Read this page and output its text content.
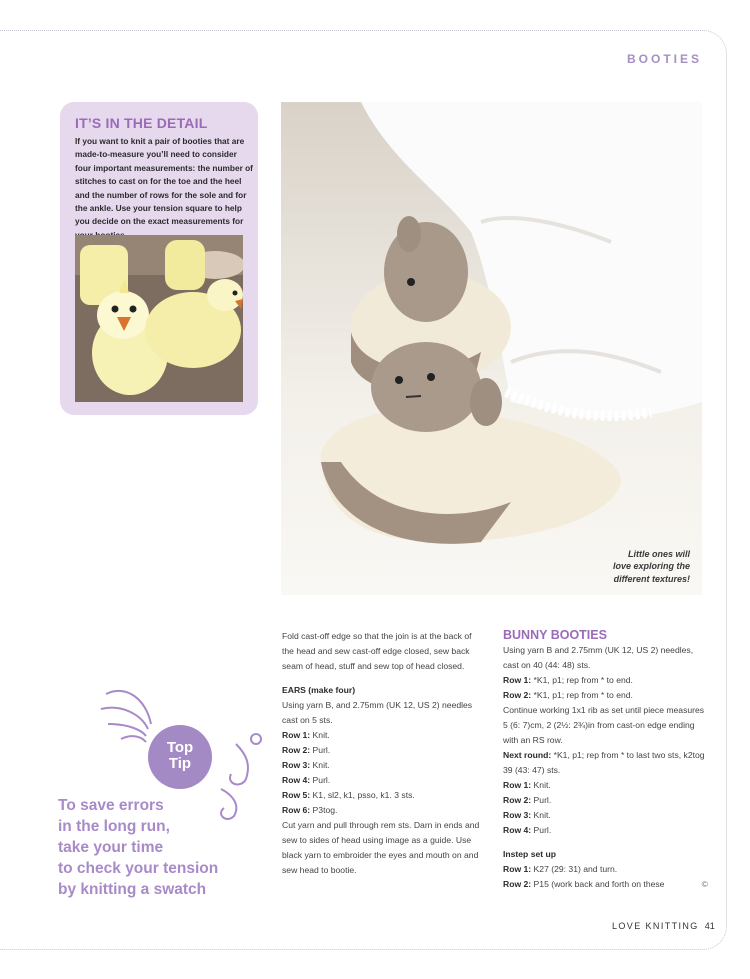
BOOTIES
IT’S IN THE DETAIL
If you want to knit a pair of booties that are made-to-measure you’ll need to consider four important measurements: the number of stitches to cast on for the toe and the heel and the number of rows for the sole and for the ankle. Use your tension square to help you decide on the exact measurements for
Little ones will
love exploring the
different textures!
Top
Tip
To save errors
in the long run,
take your time
to check your tension
by knitting a swatch
Fold cast-off edge so that the join is at the back of the head and sew cast-off edge closed, sew back seam of head, stuff and sew top of head closed.
EARS (make four)
Using yarn B, and 2.75mm (UK 12, US 2) needles cast on 5 sts.
Row 1: Knit.
Row 2: Purl.
Row 3: Knit.
Row 4: Purl.
Row 5: K1, sl2, k1, psso, k1. 3 sts.
Row 6: P3tog.
Cut yarn and pull through rem sts. Darn in ends and sew to sides of head using image as a guide. Use black yarn to embroider the eyes and mouth on and sew head to bootie.
BUNNY BOOTIES
Using yarn B and 2.75mm (UK 12, US 2) needles, cast on 40 (44: 48) sts.
Row 1: *K1, p1; rep from * to end.
Row 2: *K1, p1; rep from * to end.
Continue working 1x1 rib as set until piece measures 5 (6: 7)cm, 2 (2½: 2¾)in from cast-on edge ending with an RS row.
Next round: *K1, p1; rep from * to last two sts, k2tog 39 (43: 47) sts.
Row 1: Knit.
Row 2: Purl.
Row 3: Knit.
Row 4: Purl.
Instep set up
Row 1: K27 (29: 31) and turn.
Row 2: P15 (work back and forth on these	©
LOVE KNITTING 41
